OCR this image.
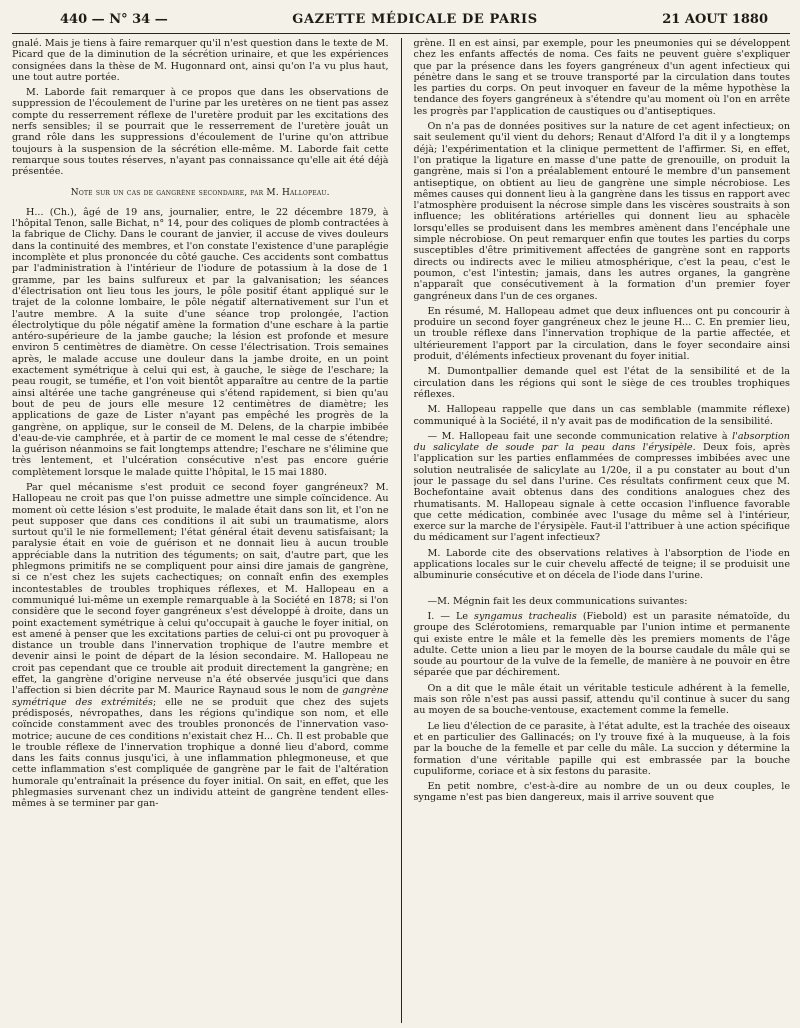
440 — N° 34 —	GAZETTE MÉDICALE DE PARIS	21 AOUT 1880

gnalé. Mais je tiens à faire remarquer qu'il n'est question dans le texte de M. Picard que de la diminution de la sécrétion urinaire, et que les expériences consignées dans la thèse de M. Hugonnard ont, ainsi qu'on l'a vu plus haut, une tout autre portée.

M. Laborde fait remarquer à ce propos que dans les observations de suppression de l'écoulement de l'urine par les uretères on ne tient pas assez compte du resserrement réflexe de l'uretère produit par les excitations des nerfs sensibles; il se pourrait que le resserrement de l'uretère jouât un grand rôle dans les suppressions d'écoulement de l'urine qu'on attribue toujours à la suspension de la sécrétion elle-même. M. Laborde fait cette remarque sous toutes réserves, n'ayant pas connaissance qu'elle ait été déjà présentée.

Note sur un cas de gangrène secondaire, par M. Hallopeau.

H... (Ch.), âgé de 19 ans, journalier, entre, le 22 décembre 1879, à l'hôpital Tenon, salle Bichat, n° 14, pour des coliques de plomb contractées à la fabrique de Clichy. Dans le courant de janvier, il accuse de vives douleurs dans la continuité des membres, et l'on constate l'existence d'une paraplégie incomplète et plus prononcée du côté gauche. Ces accidents sont combattus par l'administration à l'intérieur de l'iodure de potassium à la dose de 1 gramme, par les bains sulfureux et par la galvanisation; les séances d'électrisation ont lieu tous les jours, le pôle positif étant appliqué sur le trajet de la colonne lombaire, le pôle négatif alternativement sur l'un et l'autre membre. A la suite d'une séance trop prolongée, l'action électrolytique du pôle négatif amène la formation d'une eschare à la partie antéro-supérieure de la jambe gauche; la lésion est profonde et mesure environ 5 centimètres de diamètre. On cesse l'électrisation. Trois semaines après, le malade accuse une douleur dans la jambe droite, en un point exactement symétrique à celui qui est, à gauche, le siège de l'eschare; la peau rougit, se tuméfie, et l'on voit bientôt apparaître au centre de la partie ainsi altérée une tache gangréneuse qui s'étend rapidement, si bien qu'au bout de peu de jours elle mesure 12 centimètres de diamètre; les applications de gaze de Lister n'ayant pas empêché les progrès de la gangrène, on applique, sur le conseil de M. Delens, de la charpie imbibée d'eau-de-vie camphrée, et à partir de ce moment le mal cesse de s'étendre; la guérison néanmoins se fait longtemps attendre; l'eschare ne s'élimine que très lentement, et l'ulcération consécutive n'est pas encore guérie complètement lorsque le malade quitte l'hôpital, le 15 mai 1880.

Par quel mécanisme s'est produit ce second foyer gangréneux? M. Hallopeau ne croit pas que l'on puisse admettre une simple coïncidence. Au moment où cette lésion s'est produite, le malade était dans son lit, et l'on ne peut supposer que dans ces conditions il ait subi un traumatisme, alors surtout qu'il le nie formellement; l'état général était devenu satisfaisant; la paralysie était en voie de guérison et ne donnait lieu à aucun trouble appréciable dans la nutrition des téguments; on sait, d'autre part, que les phlegmons primitifs ne se compliquent pour ainsi dire jamais de gangrène, si ce n'est chez les sujets cachectiques; on connaît enfin des exemples incontestables de troubles trophiques réflexes, et M. Hallopeau en a communiqué lui-même un exemple remarquable à la Société en 1878; si l'on considère que le second foyer gangréneux s'est développé à droite, dans un point exactement symétrique à celui qu'occupait à gauche le foyer initial, on est amené à penser que les excitations parties de celui-ci ont pu provoquer à distance un trouble dans l'innervation trophique de l'autre membre et devenir ainsi le point de départ de la lésion secondaire. M. Hallopeau ne croit pas cependant que ce trouble ait produit directement la gangrène; en effet, la gangrène d'origine nerveuse n'a été observée jusqu'ici que dans l'affection si bien décrite par M. Maurice Raynaud sous le nom de gangrène symétrique des extrémités; elle ne se produit que chez des sujets prédisposés, névropathes, dans les régions qu'indique son nom, et elle coïncide constamment avec des troubles prononcés de l'innervation vaso-motrice; aucune de ces conditions n'existait chez H... Ch. Il est probable que le trouble réflexe de l'innervation trophique a donné lieu d'abord, comme dans les faits connus jusqu'ici, à une inflammation phlegmoneuse, et que cette inflammation s'est compliquée de gangrène par le fait de l'altération humorale qu'entraînait la présence du foyer initial. On sait, en effet, que les phlegmasies survenant chez un individu atteint de gangrène tendent elles-mêmes à se terminer par gan-

grène. Il en est ainsi, par exemple, pour les pneumonies qui se développent chez les enfants affectés de noma. Ces faits ne peuvent guère s'expliquer que par la présence dans les foyers gangréneux d'un agent infectieux qui pénètre dans le sang et se trouve transporté par la circulation dans toutes les parties du corps. On peut invoquer en faveur de la même hypothèse la tendance des foyers gangréneux à s'étendre qu'au moment où l'on en arrête les progrès par l'application de caustiques ou d'antiseptiques.

On n'a pas de données positives sur la nature de cet agent infectieux; on sait seulement qu'il vient du dehors; Renaut d'Alford l'a dit il y a longtemps déjà; l'expérimentation et la clinique permettent de l'affirmer. Si, en effet, l'on pratique la ligature en masse d'une patte de grenouille, on produit la gangrène, mais si l'on a préalablement entouré le membre d'un pansement antiseptique, on obtient au lieu de gangrène une simple nécrobiose. Les mêmes causes qui donnent lieu à la gangrène dans les tissus en rapport avec l'atmosphère produisent la nécrose simple dans les viscères soustraits à son influence; les oblitérations artérielles qui donnent lieu au sphacèle lorsqu'elles se produisent dans les membres amènent dans l'encéphale une simple nécrobiose. On peut remarquer enfin que toutes les parties du corps susceptibles d'être primitivement affectées de gangrène sont en rapports directs ou indirects avec le milieu atmosphérique, c'est la peau, c'est le poumon, c'est l'intestin; jamais, dans les autres organes, la gangrène n'apparaît que consécutivement à la formation d'un premier foyer gangréneux dans l'un de ces organes.

En résumé, M. Hallopeau admet que deux influences ont pu concourir à produire un second foyer gangréneux chez le jeune H... C. En premier lieu, un trouble réflexe dans l'innervation trophique de la partie affectée, et ultérieurement l'apport par la circulation, dans le foyer secondaire ainsi produit, d'éléments infectieux provenant du foyer initial.

M. Dumontpallier demande quel est l'état de la sensibilité et de la circulation dans les régions qui sont le siège de ces troubles trophiques réflexes.

M. Hallopeau rappelle que dans un cas semblable (mammite réflexe) communiqué à la Société, il n'y avait pas de modification de la sensibilité.

— M. Hallopeau fait une seconde communication relative à l'absorption du salicylate de soude par la peau dans l'érysipèle. Deux fois, après l'application sur les parties enflammées de compresses imbibées avec une solution neutralisée de salicylate au 1/20e, il a pu constater au bout d'un jour le passage du sel dans l'urine. Ces résultats confirment ceux que M. Bochefontaine avait obtenus dans des conditions analogues chez des rhumatisants. M. Hallopeau signale à cette occasion l'influence favorable que cette médication, combinée avec l'usage du même sel à l'intérieur, exerce sur la marche de l'érysipèle. Faut-il l'attribuer à une action spécifique du médicament sur l'agent infectieux?

M. Laborde cite des observations relatives à l'absorption de l'iode en applications locales sur le cuir chevelu affecté de teigne; il se produisit une albuminurie consécutive et on décela de l'iode dans l'urine.

—M. Mégnin fait les deux communications suivantes:

I. — Le syngamus trachealis (Fiebold) est un parasite nématoïde, du groupe des Sclérotomiens, remarquable par l'union intime et permanente qui existe entre le mâle et la femelle dès les premiers moments de l'âge adulte. Cette union a lieu par le moyen de la bourse caudale du mâle qui se soude au pourtour de la vulve de la femelle, de manière à ne pouvoir en être séparée que par déchirement.

On a dit que le mâle était un véritable testicule adhérent à la femelle, mais son rôle n'est pas aussi passif, attendu qu'il continue à sucer du sang au moyen de sa bouche-ventouse, exactement comme la femelle.

Le lieu d'élection de ce parasite, à l'état adulte, est la trachée des oiseaux et en particulier des Gallinacés; on l'y trouve fixé à la muqueuse, à la fois par la bouche de la femelle et par celle du mâle. La succion y détermine la formation d'une véritable papille qui est embrassée par la bouche cupuliforme, coriace et à six festons du parasite.

En petit nombre, c'est-à-dire au nombre de un ou deux couples, le syngame n'est pas bien dangereux, mais il arrive souvent que
